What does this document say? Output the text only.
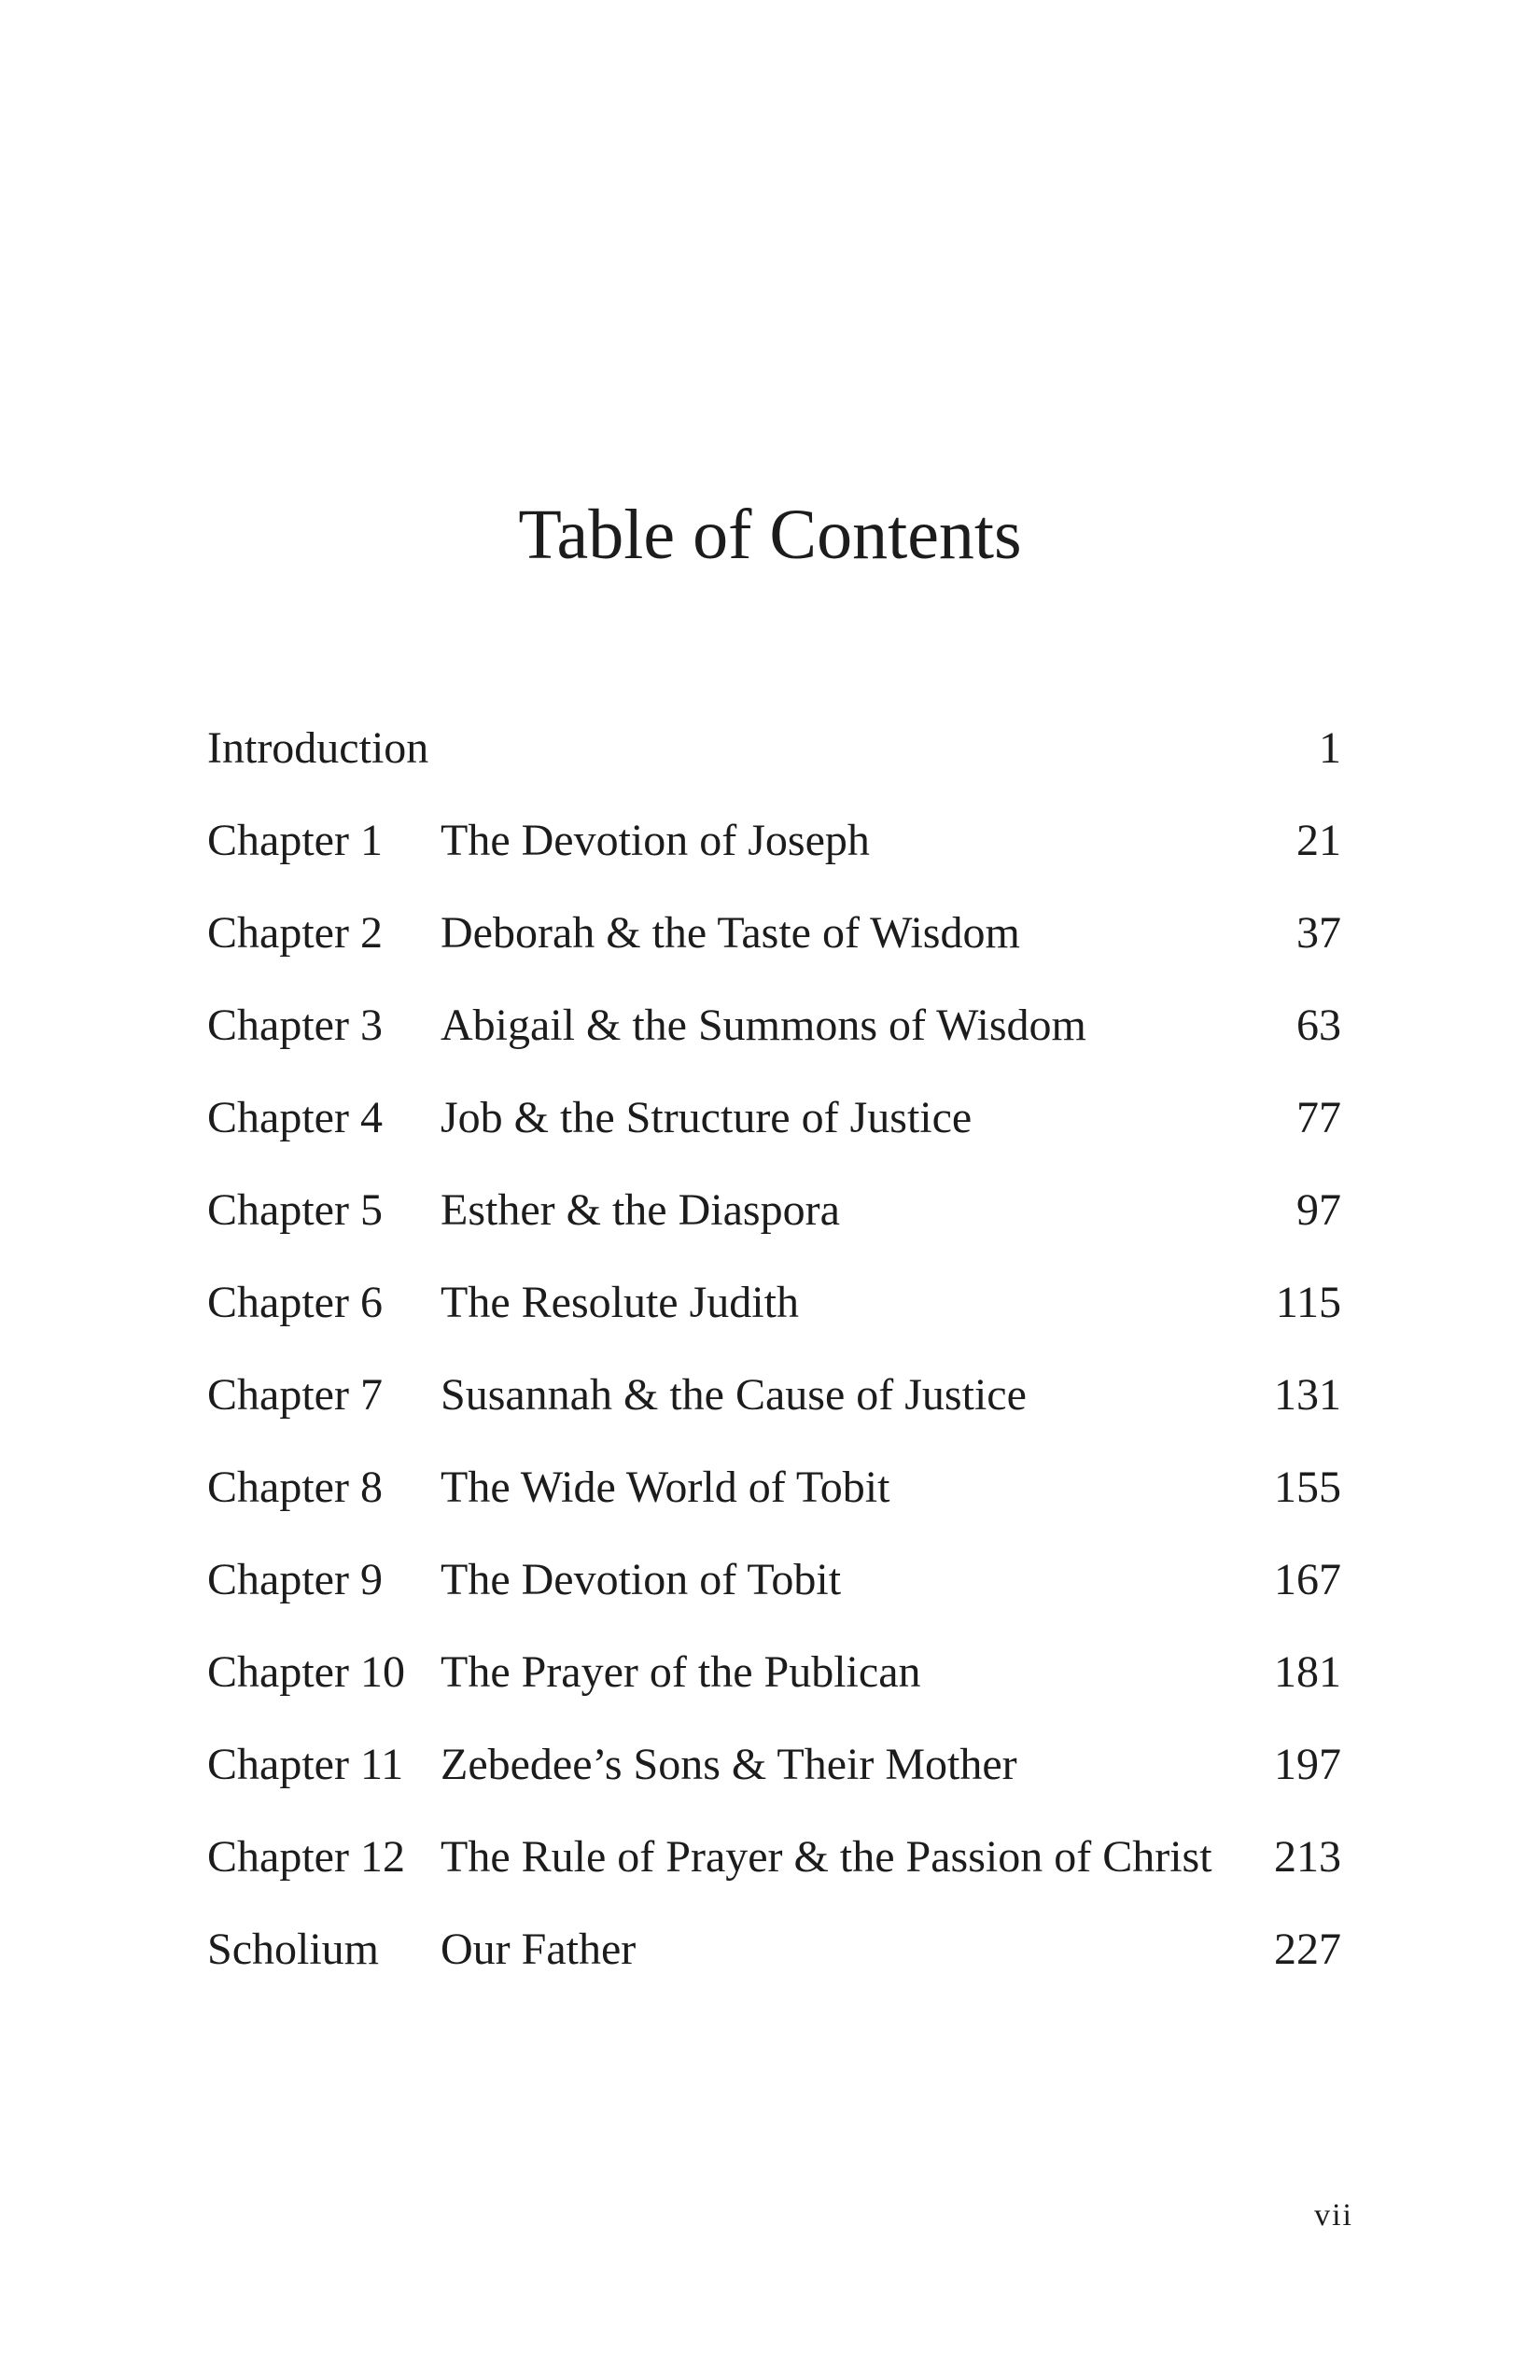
Table of Contents
Introduction	1
Chapter 1 The Devotion of Joseph	21
Chapter 2 Deborah & the Taste of Wisdom	37
Chapter 3 Abigail & the Summons of Wisdom	63
Chapter 4 Job & the Structure of Justice	77
Chapter 5 Esther & the Diaspora	97
Chapter 6 The Resolute Judith	115
Chapter 7 Susannah & the Cause of Justice	131
Chapter 8 The Wide World of Tobit	155
Chapter 9 The Devotion of Tobit	167
Chapter 10 The Prayer of the Publican	181
Chapter 11 Zebedee’s Sons & Their Mother	197
Chapter 12 The Rule of Prayer & the Passion of Christ 213
Scholium Our Father	227
vii
